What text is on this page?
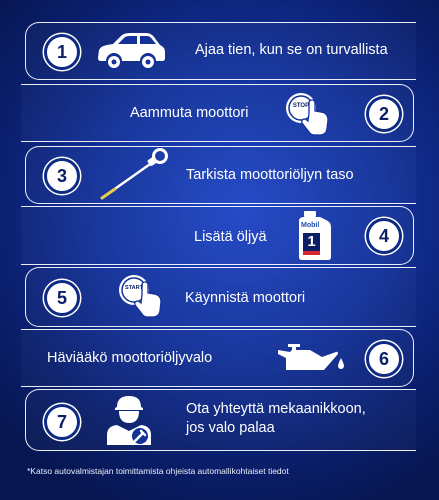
1	Ajaa tien, kun se on turvallista
Aammuta moottori	STOP	2
3	Tarkista moottoriöljyn taso
Lisätä öljyä
Mobil
1	4
5	START
Käynnistä moottori
Häviääkö moottoriöljyvalo	6
7
Ota yhteyttä mekaanikkoon,
jos valo palaa
*Katso autovalmistajan toimittamista ohjeista automallikohtaiset tiedot
